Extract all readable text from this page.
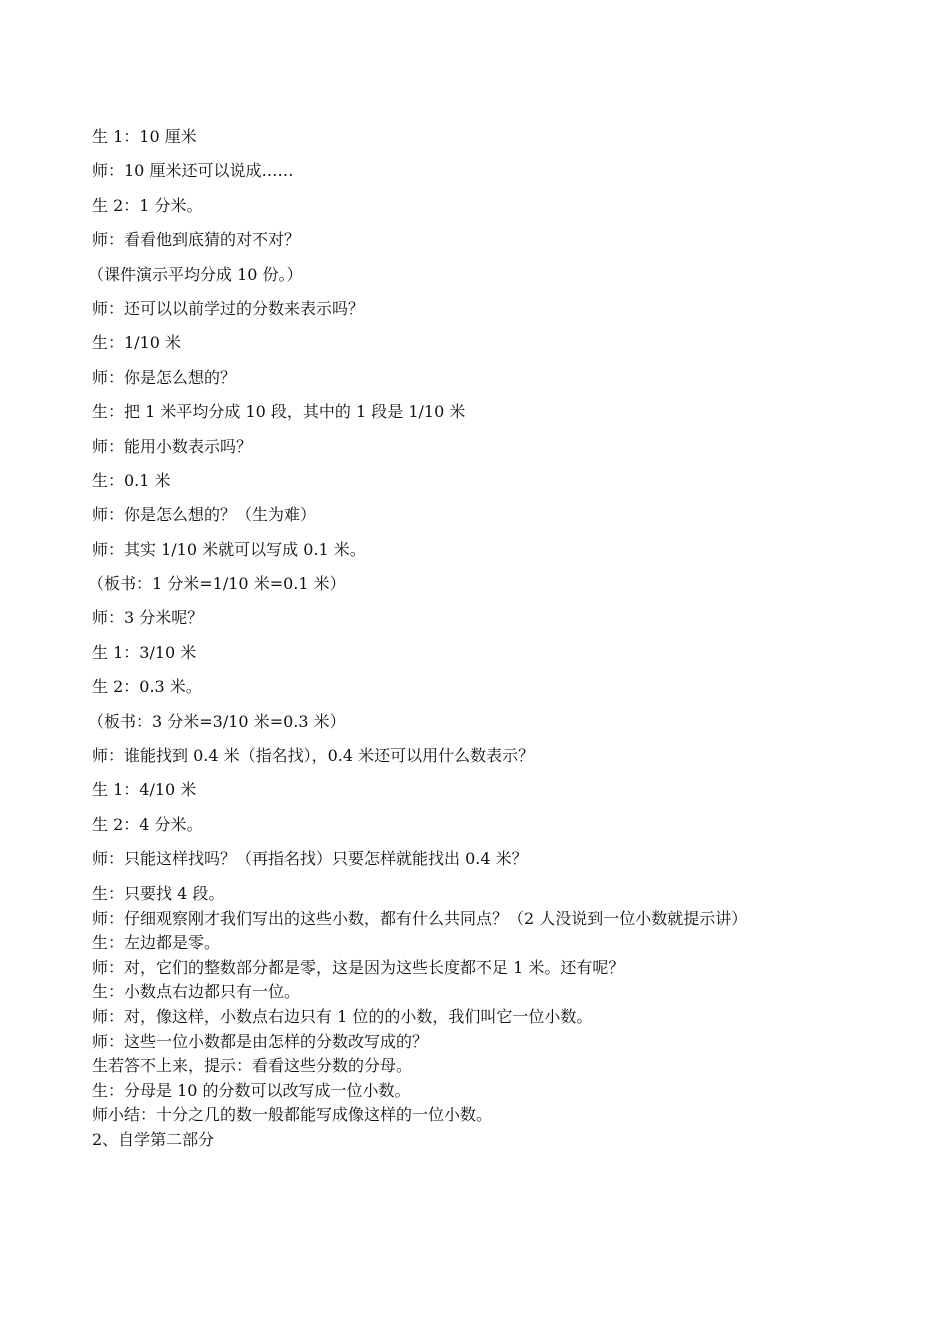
生 1：10 厘米
师：10 厘米还可以说成……
生 2：1 分米。
师：看看他到底猜的对不对？
（课件演示平均分成 10 份。）
师：还可以以前学过的分数来表示吗？
生：1/10 米
师：你是怎么想的？
生：把 1 米平均分成 10 段，其中的 1 段是 1/10 米
师：能用小数表示吗？
生：0.1 米
师：你是怎么想的？（生为难）
师：其实 1/10 米就可以写成 0.1 米。
（板书：1 分米=1/10 米=0.1 米）
师：3 分米呢？
生 1：3/10 米
生 2：0.3 米。
（板书：3 分米=3/10 米=0.3 米）
师：谁能找到 0.4 米（指名找），0.4 米还可以用什么数表示？
生 1：4/10 米
生 2：4 分米。
师：只能这样找吗？（再指名找）只要怎样就能找出 0.4 米？
生：只要找 4 段。
师：仔细观察刚才我们写出的这些小数，都有什么共同点？（2 人没说到一位小数就提示讲）
生：左边都是零。
师：对，它们的整数部分都是零，这是因为这些长度都不足 1 米。还有呢？
生：小数点右边都只有一位。
师：对，像这样，小数点右边只有 1 位的的小数，我们叫它一位小数。
师：这些一位小数都是由怎样的分数改写成的？
生若答不上来，提示：看看这些分数的分母。
生：分母是 10 的分数可以改写成一位小数。
师小结：十分之几的数一般都能写成像这样的一位小数。
2、自学第二部分
